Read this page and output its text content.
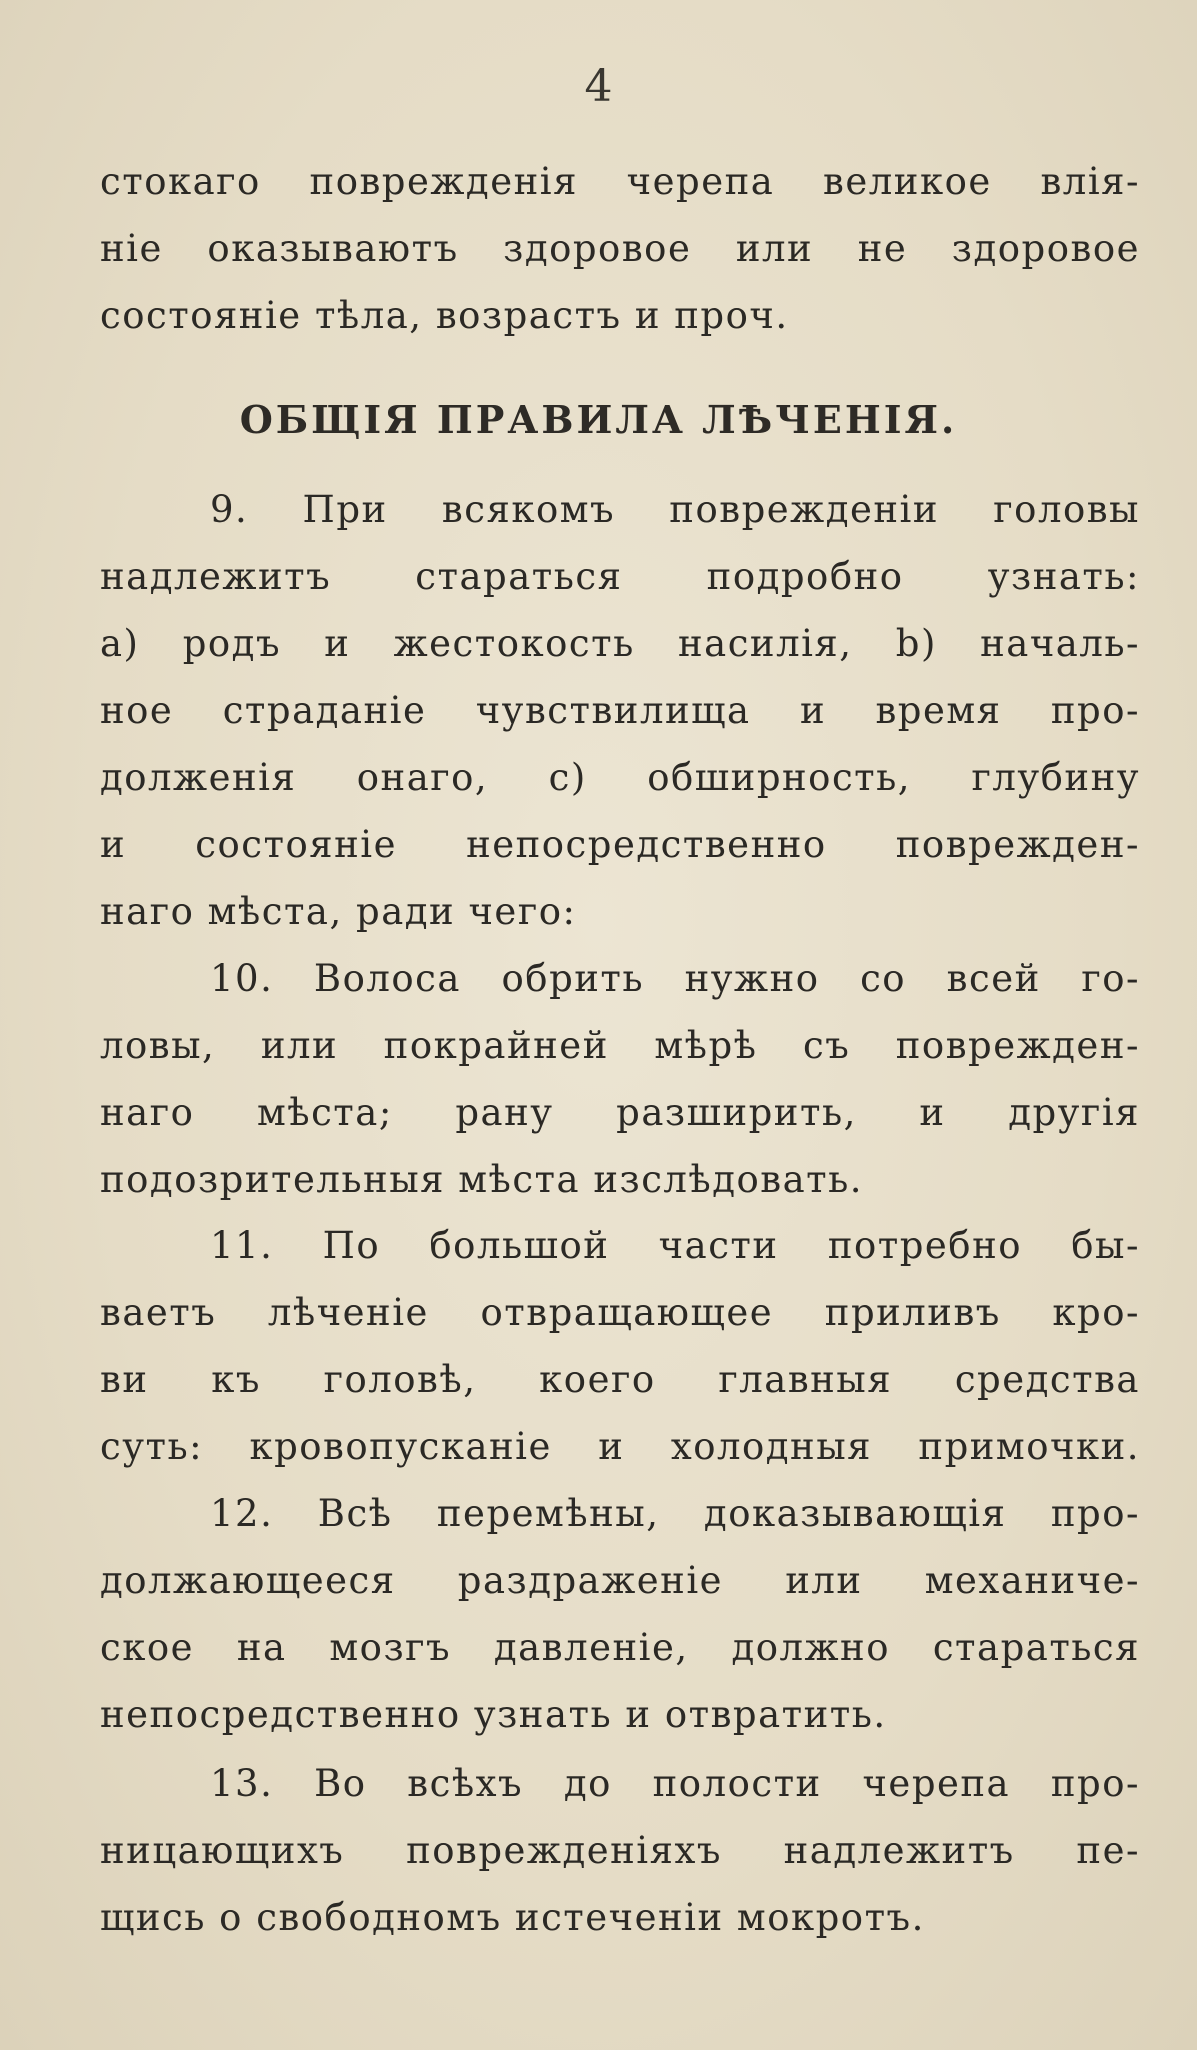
4
стокаго поврежденія черепа великое влія-
ніе оказываютъ здоровое или не здоровое
состояніе тѣла, возрастъ и проч.
ОБЩІЯ ПРАВИЛА ЛѢЧЕНІЯ.
9. При всякомъ поврежденіи головы
надлежитъ стараться подробно узнать:
a) родъ и жестокость насилія, b) началь-
ное страданіе чувствилища и время про-
долженія онаго, c) обширность, глубину
и состояніе непосредственно поврежден-
наго мѣста, ради чего:
10. Волоса обрить нужно со всей го-
ловы, или покрайней мѣрѣ съ поврежден-
наго мѣста; рану разширить, и другія
подозрительныя мѣста изслѣдовать.
11. По большой части потребно бы-
ваетъ лѣченіе отвращающее приливъ кро-
ви къ головѣ, коего главныя средства
суть: кровопусканіе и холодныя примочки.
12. Всѣ перемѣны, доказывающія про-
должающееся раздраженіе или механиче-
ское на мозгъ давленіе, должно стараться
непосредственно узнать и отвратить.
13. Во всѣхъ до полости черепа про-
ницающихъ поврежденіяхъ надлежитъ пе-
щись о свободномъ истеченіи мокротъ.
